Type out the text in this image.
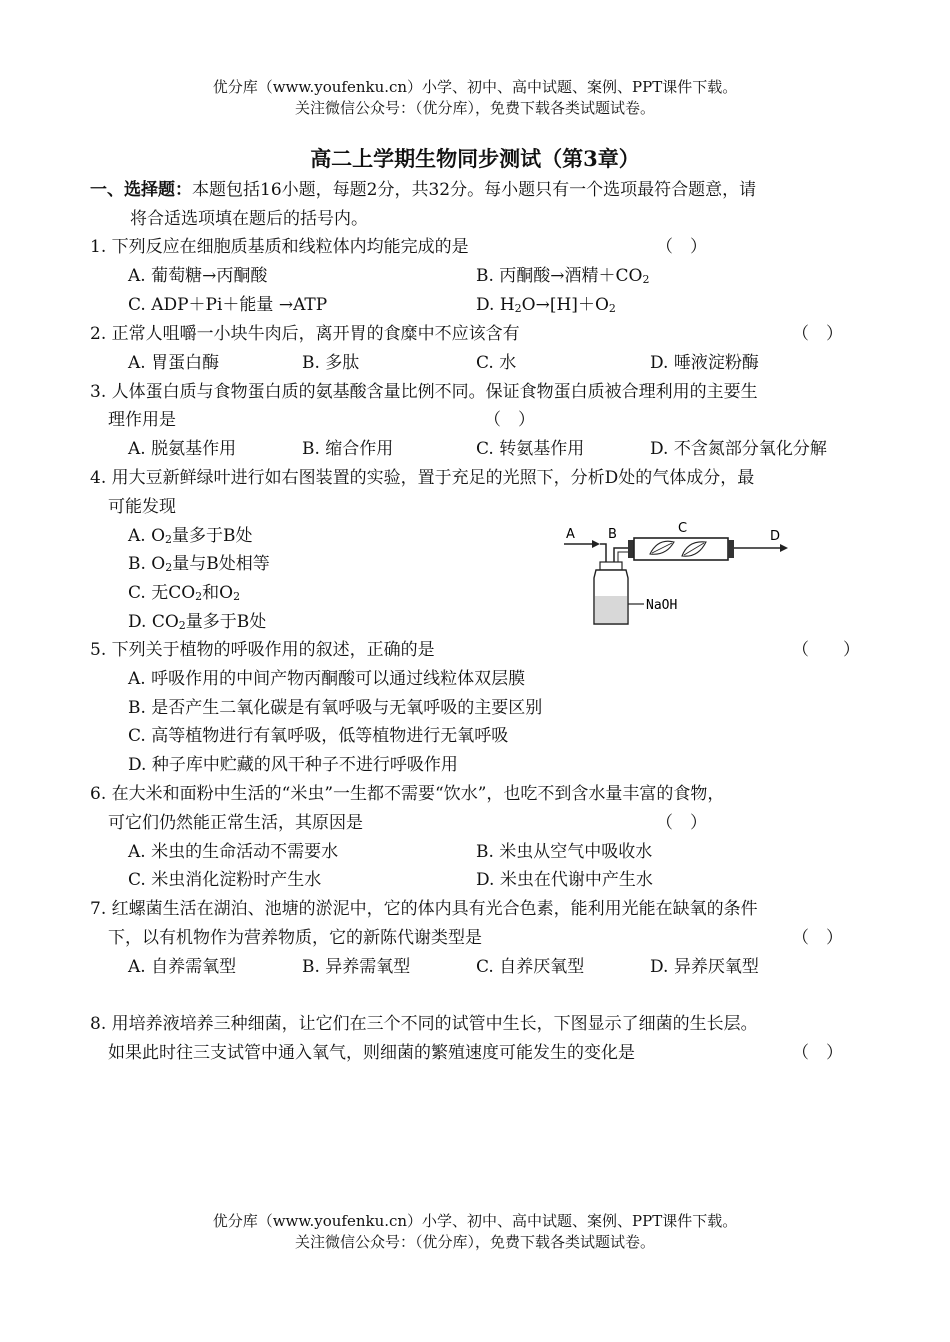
优分库（www.youfenku.cn）小学、初中、高中试题、案例、PPT课件下载。
关注微信公众号：（优分库），免费下载各类试题试卷。
高二上学期生物同步测试（第3章）
一、选择题：本题包括16小题，每题2分，共32分。每小题只有一个选项最符合题意，请
将合适选项填在题后的括号内。
1. 下列反应在细胞质基质和线粒体内均能完成的是	（　）
A. 葡萄糖→丙酮酸	B. 丙酮酸→酒精$+CO_2$
C. ADP＋Pi＋能量 →ATP	D. $H_2O\to[H]+O_2$
2. 正常人咀嚼一小块牛肉后，离开胃的食糜中不应该含有	（　）
A. 胃蛋白酶	B. 多肽	C. 水	D. 唾液淀粉酶
3. 人体蛋白质与食物蛋白质的氨基酸含量比例不同。保证食物蛋白质被合理利用的主要生
理作用是	（　）
A. 脱氨基作用	B. 缩合作用	C. 转氨基作用	D. 不含氮部分氧化分解
4. 用大豆新鲜绿叶进行如右图装置的实验，置于充足的光照下，分析D处的气体成分，最
可能发现
A. $O_2$量多于B处
B. $O_2$量与B处相等
C. 无$CO_2$和$O_2$
D. $CO_2$量多于B处
A	B
NaOH
C
D
5. 下列关于植物的呼吸作用的叙述，正确的是	（　　）
A. 呼吸作用的中间产物丙酮酸可以通过线粒体双层膜
B. 是否产生二氧化碳是有氧呼吸与无氧呼吸的主要区别
C. 高等植物进行有氧呼吸，低等植物进行无氧呼吸
D. 种子库中贮藏的风干种子不进行呼吸作用
6. 在大米和面粉中生活的“米虫”一生都不需要“饮水”，也吃不到含水量丰富的食物，
可它们仍然能正常生活，其原因是	（　）
A. 米虫的生命活动不需要水	B. 米虫从空气中吸收水
C. 米虫消化淀粉时产生水	D. 米虫在代谢中产生水
7. 红螺菌生活在湖泊、池塘的淤泥中，它的体内具有光合色素，能利用光能在缺氧的条件
下，以有机物作为营养物质，它的新陈代谢类型是	（　）
A. 自养需氧型	B. 异养需氧型	C. 自养厌氧型	D. 异养厌氧型
8. 用培养液培养三种细菌，让它们在三个不同的试管中生长，下图显示了细菌的生长层。
如果此时往三支试管中通入氧气，则细菌的繁殖速度可能发生的变化是	（　）
优分库（www.youfenku.cn）小学、初中、高中试题、案例、PPT课件下载。
关注微信公众号：（优分库），免费下载各类试题试卷。
